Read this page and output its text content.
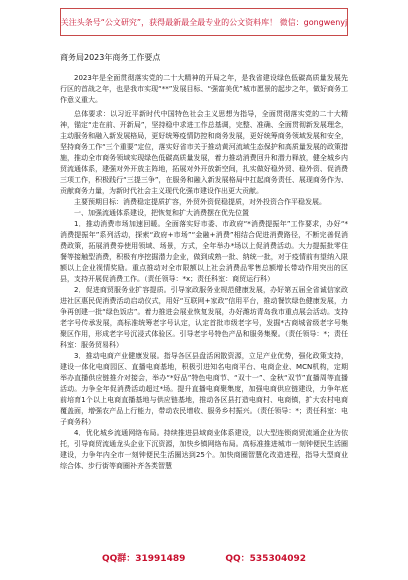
关注头条号“公文研究”，获得最新最全最专业的公文资料库！ 微信：gongwenyj

商务局2023年商务工作要点

2023年是全面贯彻落实党的二十大精神的开局之年，是我省建设绿色低碳高质量发展先行区的首战之年，也是我市实现“**”发展目标、“强富美优”城市愿景的起步之年，做好商务工作意义重大。

总体要求：以习近平新时代中国特色社会主义思想为指导，全面贯彻落实党的二十大精神，锚定“走在前、开新局”，坚持稳中求进工作总基调，完整、准确、全面贯彻新发展理念，主动服务和融入新发展格局，更好统筹疫情防控和商务发展，更好统筹商务领域发展和安全，坚持商务工作“三个重要”定位，落实好省市关于推动黄河流域生态保护和高质量发展的政策措施，推动全市商务领域实现绿色低碳高质量发展，着力推动消费回升和潜力释放，健全城乡内贸流通体系，建强对外开放主阵地，拓展对外开放新空间，扎实做好稳外贸、稳外资、促消费三项工作，积极践行“三提三争”，在服务和融入新发展格局中扛起商务责任、展现商务作为、贡献商务力量，为新时代社会主义现代化强市建设作出更大贡献。

主要预期目标：消费稳定提质扩容，外贸外资促稳提质，对外投资合作平稳发展。

一、加强流通体系建设，把恢复和扩大消费摆在优先位置

1．推动消费市场加速回暖。全面落实好市委、市政府“*消费提振年”工作要求，办好“*消费提振年”系列活动，探索“政府+市场”“金融+消费”相结合促进消费路径，不断完善促消费政策，拓展消费券使用领域、场景，方式，全年举办*场以上促消费活动。大力提振批零住餐等接触型消费，积极有序挖掘潜力企业，做到成熟一批、纳统一批，对于疫情前有望纳入限额以上企业视情奖励。重点推动对全市限额以上社会消费品零售总额增长带动作用突出的区县，支持开展促消费工作。（责任领导：*x；责任科室：商贸运行科）

2．促进商贸服务业扩容提质。引导家政服务业规范健康发展，办好第五届全省诚信家政进社区惠民促消费活动启动仪式，用好“互联网+家政”信用平台，推动餐饮绿色健康发展，力争再创建一批“绿色饭店”。着力推进会展业恢复发展，办好潍坊青岛我市重点展会活动。支持老字号传承发展，高标准统筹老字号认定，认定首批市级老字号，发掘*古商城省级老字号集聚区作用，形成老字号沉浸式体验区。引导老字号特色产品和服务集聚。（责任领导：*；责任科室：服务贸易科）

3．推动电商产业健康发展。指导各区县盘活闲散资源，立足产业优势，强化政策支持，建设一体化电商园区、直播电商基地，积极引进知名电商平台、电商企业、MCN机构，定期举办直播供应链推介对接会，举办“*好品”特色电商节、“双十一”、金秋“双节”直播周等直播活动。力争全年促消费活动超过*场。提升直播电商聚集度，加强电商供应链建设，力争年底前培育1个以上电商直播基地与供应链基地，推动各区县打造电商村、电商镇，扩大农村电商覆盖面，增强农产品上行能力，带动农民增收、服务乡村振兴。（责任领导：*；责任科室：电子商务科）

4．优化城乡流通网络布局。持续推进县域商业体系建设，以大型连锁商贸流通企业为依托，引导商贸流通龙头企业下沉资源，加快乡镇网络布局。高标准推进城市一刻钟便民生活圈建设，力争年内全市一刻钟便民生活圈达到25个。加快商圈智慧化改造进程，指导大型商业综合体、步行街等商圈补齐各类智慧

QQ群：31991489	QQ：535304092
